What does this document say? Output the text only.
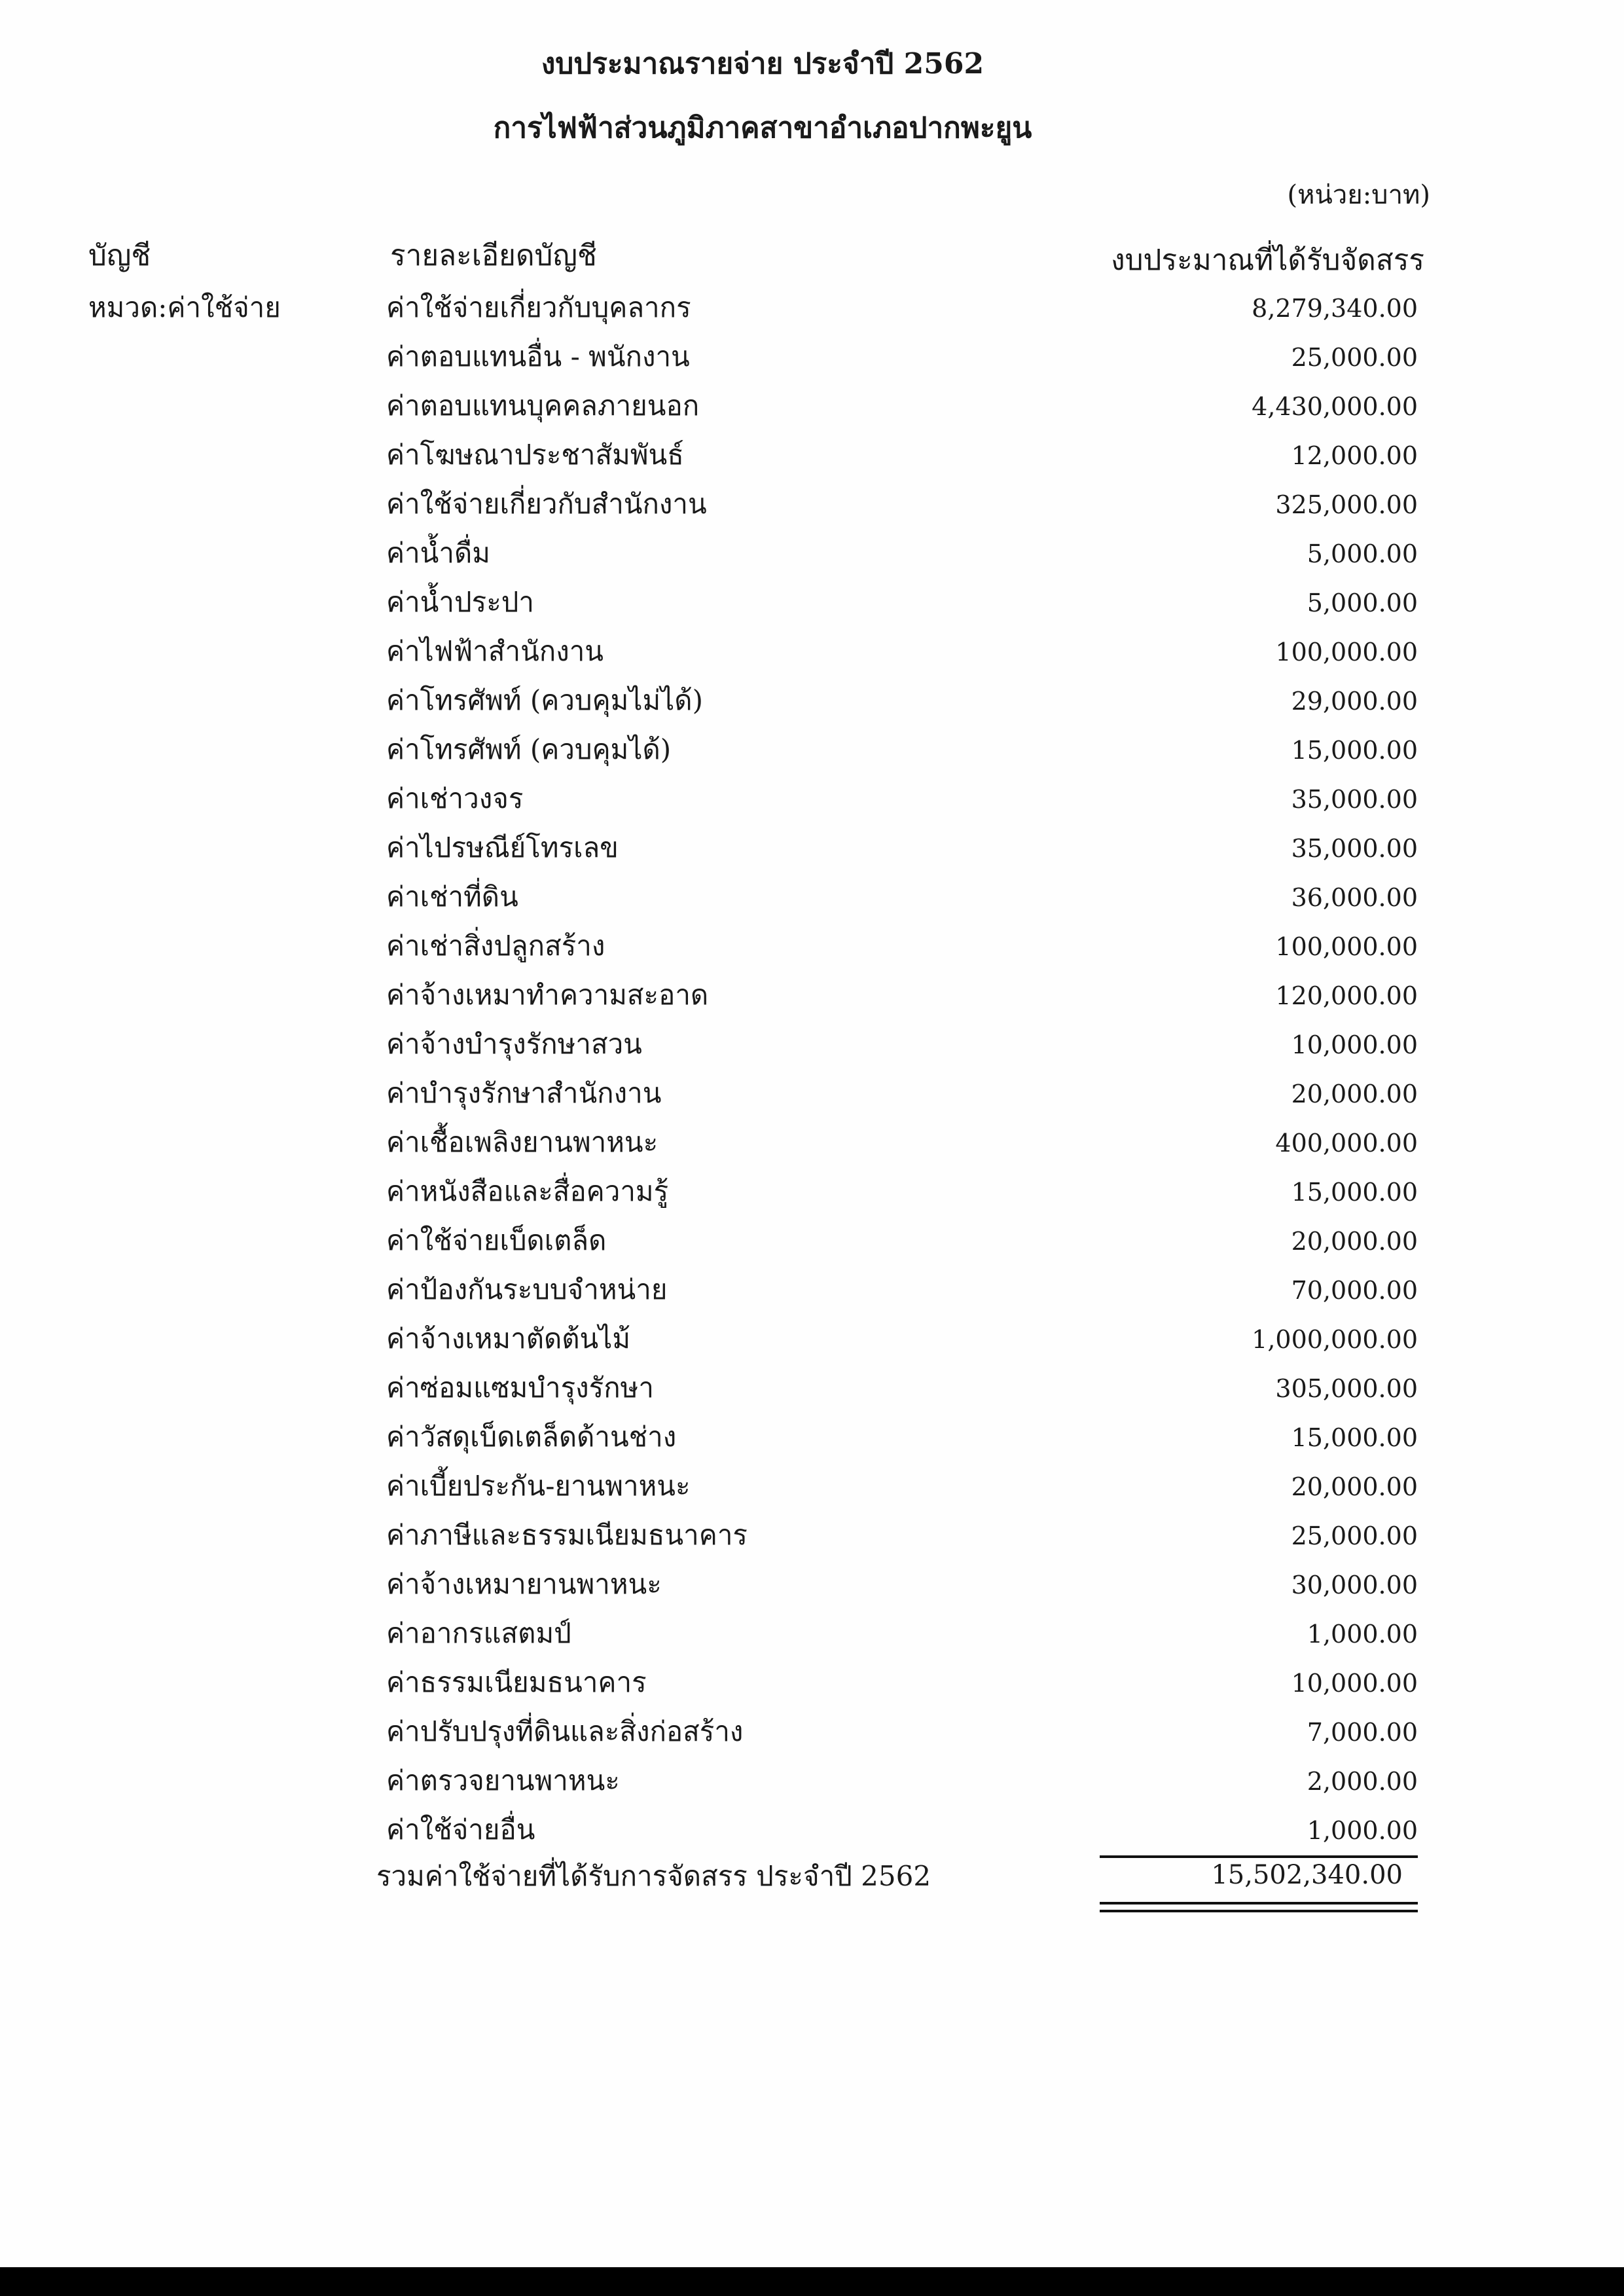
งบประมาณรายจ่าย ประจำปี 2562
การไฟฟ้าส่วนภูมิภาคสาขาอำเภอปากพะยูน
(หน่วย:บาท)
บัญชี	รายละเอียดบัญชี	งบประมาณที่ได้รับจัดสรร
หมวด:ค่าใช้จ่าย	ค่าใช้จ่ายเกี่ยวกับบุคลากร	8,279,340.00
ค่าตอบแทนอื่น - พนักงาน	25,000.00
ค่าตอบแทนบุคคลภายนอก	4,430,000.00
ค่าโฆษณาประชาสัมพันธ์	12,000.00
ค่าใช้จ่ายเกี่ยวกับสำนักงาน	325,000.00
ค่าน้ำดื่ม	5,000.00
ค่าน้ำประปา	5,000.00
ค่าไฟฟ้าสำนักงาน	100,000.00
ค่าโทรศัพท์ (ควบคุมไม่ได้)	29,000.00
ค่าโทรศัพท์ (ควบคุมได้)	15,000.00
ค่าเช่าวงจร	35,000.00
ค่าไปรษณีย์โทรเลข	35,000.00
ค่าเช่าที่ดิน	36,000.00
ค่าเช่าสิ่งปลูกสร้าง	100,000.00
ค่าจ้างเหมาทำความสะอาด	120,000.00
ค่าจ้างบำรุงรักษาสวน	10,000.00
ค่าบำรุงรักษาสำนักงาน	20,000.00
ค่าเชื้อเพลิงยานพาหนะ	400,000.00
ค่าหนังสือและสื่อความรู้	15,000.00
ค่าใช้จ่ายเบ็ดเตล็ด	20,000.00
ค่าป้องกันระบบจำหน่าย	70,000.00
ค่าจ้างเหมาตัดต้นไม้	1,000,000.00
ค่าซ่อมแซมบำรุงรักษา	305,000.00
ค่าวัสดุเบ็ดเตล็ดด้านช่าง	15,000.00
ค่าเบี้ยประกัน-ยานพาหนะ	20,000.00
ค่าภาษีและธรรมเนียมธนาคาร	25,000.00
ค่าจ้างเหมายานพาหนะ	30,000.00
ค่าอากรแสตมป์	1,000.00
ค่าธรรมเนียมธนาคาร	10,000.00
ค่าปรับปรุงที่ดินและสิ่งก่อสร้าง	7,000.00
ค่าตรวจยานพาหนะ	2,000.00
ค่าใช้จ่ายอื่น	1,000.00
รวมค่าใช้จ่ายที่ได้รับการจัดสรร ประจำปี 2562	15,502,340.00
